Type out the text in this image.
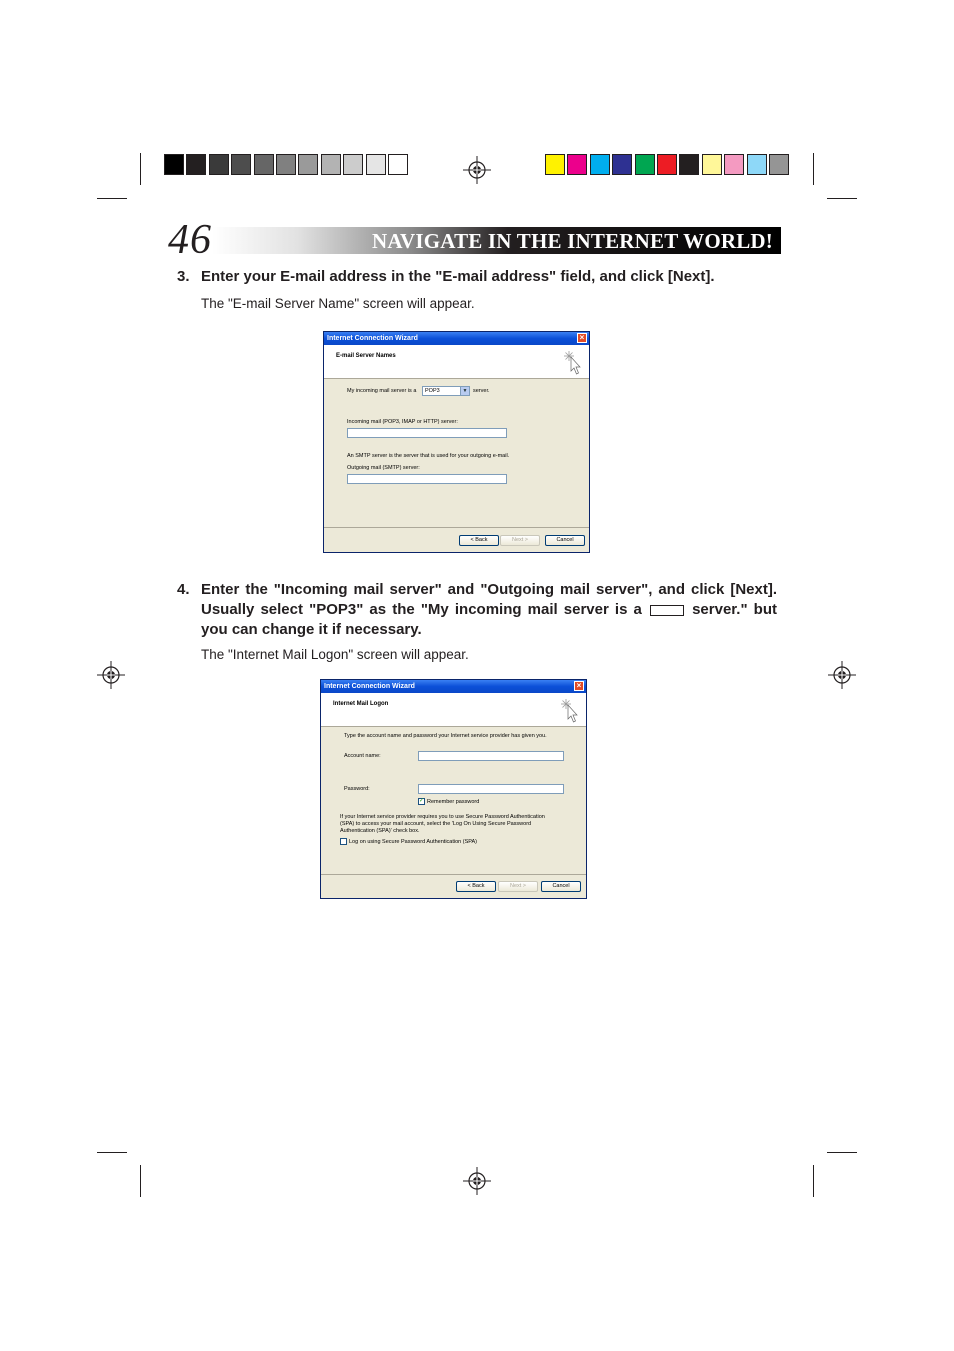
46	NAVIGATE IN THE INTERNET WORLD!
3. Enter your E-mail address in the "E-mail address" field, and click [Next].
The "E-mail Server Name" screen will appear.
Internet Connection Wizard	×
E-mail Server Names
My incoming mail server is a	POP3	▼ server.
Incoming mail (POP3, IMAP or HTTP) server:
An SMTP server is the server that is used for your outgoing e-mail.
Outgoing mail (SMTP) server:
< Back	Next >	Cancel
4. Enter the "Incoming mail server" and "Outgoing mail server", and click [Next]. Usually select "POP3" as the "My incoming mail server is a	server." but you can change it if necessary.
The "Internet Mail Logon" screen will appear.
Internet Connection Wizard	×
Internet Mail Logon
Type the account name and password your Internet service provider has given you.
Account name:
Password:
✓ Remember password
If your Internet service provider requires you to use Secure Password Authentication
(SPA) to access your mail account, select the 'Log On Using Secure Password
Authentication (SPA)' check box.
Log on using Secure Password Authentication (SPA)
< Back	Next >	Cancel
